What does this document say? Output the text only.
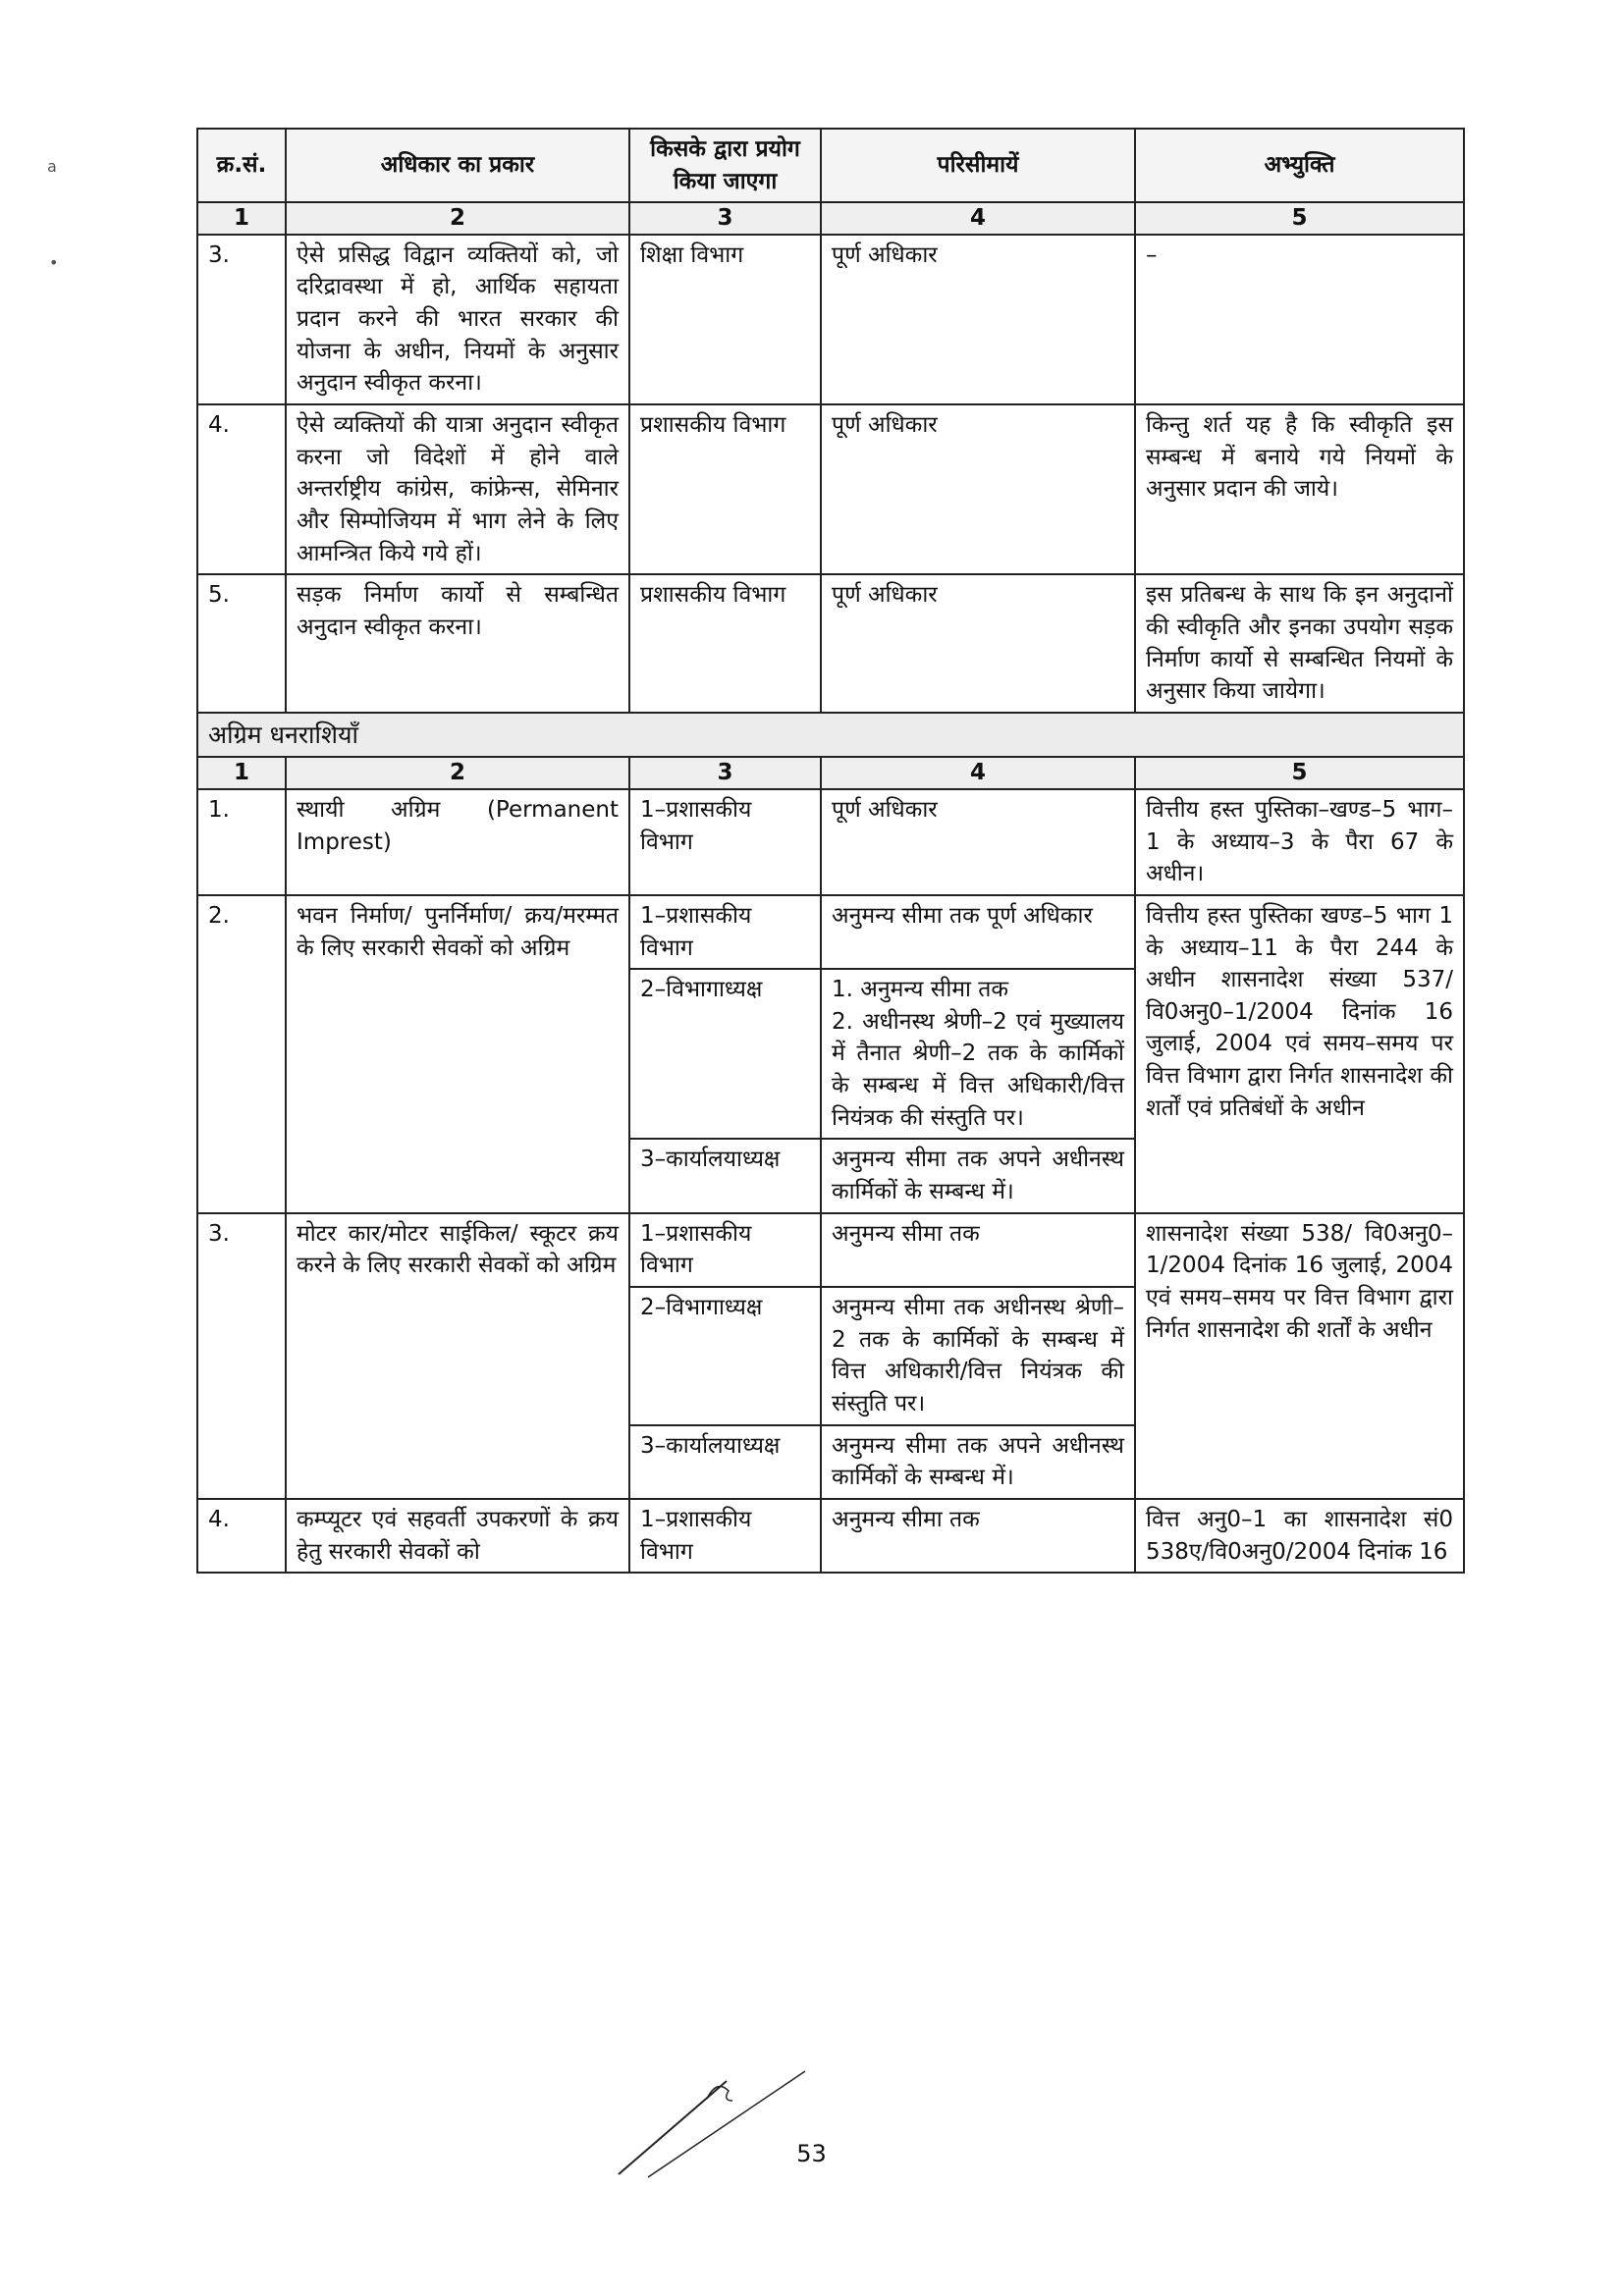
a
•
क्र.सं.	अधिकार का प्रकार	किसके द्वारा प्रयोग किया जाएगा	परिसीमायें	अभ्युक्ति
1	2	3	4	5
3.	ऐसे प्रसिद्ध विद्वान व्यक्तियों को, जो दरिद्रावस्था में हो, आर्थिक सहायता प्रदान करने की भारत सरकार की योजना के अधीन, नियमों के अनुसार अनुदान स्वीकृत करना।	शिक्षा विभाग	पूर्ण अधिकार	–
4.	ऐसे व्यक्तियों की यात्रा अनुदान स्वीकृत करना जो विदेशों में होने वाले अन्तर्राष्ट्रीय कांग्रेस, कांफ्रेन्स, सेमिनार और सिम्पोजियम में भाग लेने के लिए आमन्त्रित किये गये हों।	प्रशासकीय विभाग	पूर्ण अधिकार	किन्तु शर्त यह है कि स्वीकृति इस सम्बन्ध में बनाये गये नियमों के अनुसार प्रदान की जाये।
5.	सड़क निर्माण कार्यो से सम्बन्धित अनुदान स्वीकृत करना।	प्रशासकीय विभाग	पूर्ण अधिकार	इस प्रतिबन्ध के साथ कि इन अनुदानों की स्वीकृति और इनका उपयोग सड़क निर्माण कार्यो से सम्बन्धित नियमों के अनुसार किया जायेगा।
अग्रिम धनराशियाँ				
1	2	3	4	5
1.	स्थायी अग्रिम (Permanent Imprest)	1–प्रशासकीय विभाग	पूर्ण अधिकार	वित्तीय हस्त पुस्तिका–खण्ड–5 भाग–1 के अध्याय–3 के पैरा 67 के अधीन।
2.	भवन निर्माण/ पुनर्निर्माण/ क्रय/मरम्मत के लिए सरकारी सेवकों को अग्रिम	1–प्रशासकीय विभाग	अनुमन्य सीमा तक पूर्ण अधिकार	वित्तीय हस्त पुस्तिका खण्ड–5 भाग 1 के अध्याय–11 के पैरा 244 के अधीन शासनादेश संख्या 537/वि0अनु0–1/2004 दिनांक 16 जुलाई, 2004 एवं समय–समय पर वित्त विभाग द्वारा निर्गत शासनादेश की शर्तों एवं प्रतिबंधों के अधीन
		2–विभागाध्यक्ष	1. अनुमन्य सीमा तक
2. अधीनस्थ श्रेणी–2 एवं मुख्यालय में तैनात श्रेणी–2 तक के कार्मिकों के सम्बन्ध में वित्त अधिकारी/वित्त नियंत्रक की संस्तुति पर।	

		3–कार्यालयाध्यक्ष	अनुमन्य सीमा तक अपने अधीनस्थ कार्मिकों के सम्बन्ध में।	
3.	मोटर कार/मोटर साईकिल/ स्कूटर क्रय करने के लिए सरकारी सेवकों को अग्रिम	1–प्रशासकीय विभाग	अनुमन्य सीमा तक	शासनादेश संख्या 538/ वि0अनु0–1/2004 दिनांक 16 जुलाई, 2004 एवं समय–समय पर वित्त विभाग द्वारा निर्गत शासनादेश की शर्तों के अधीन
		2–विभागाध्यक्ष	अनुमन्य सीमा तक अधीनस्थ श्रेणी–2 तक के कार्मिकों के सम्बन्ध में वित्त अधिकारी/वित्त नियंत्रक की संस्तुति पर।	
		3–कार्यालयाध्यक्ष	अनुमन्य सीमा तक अपने अधीनस्थ कार्मिकों के सम्बन्ध में।	
4.	कम्प्यूटर एवं सहवर्ती उपकरणों के क्रय हेतु सरकारी सेवकों को	1–प्रशासकीय विभाग	अनुमन्य सीमा तक	वित्त अनु0–1 का शासनादेश सं0 538ए/वि0अनु0/2004 दिनांक 16
53
